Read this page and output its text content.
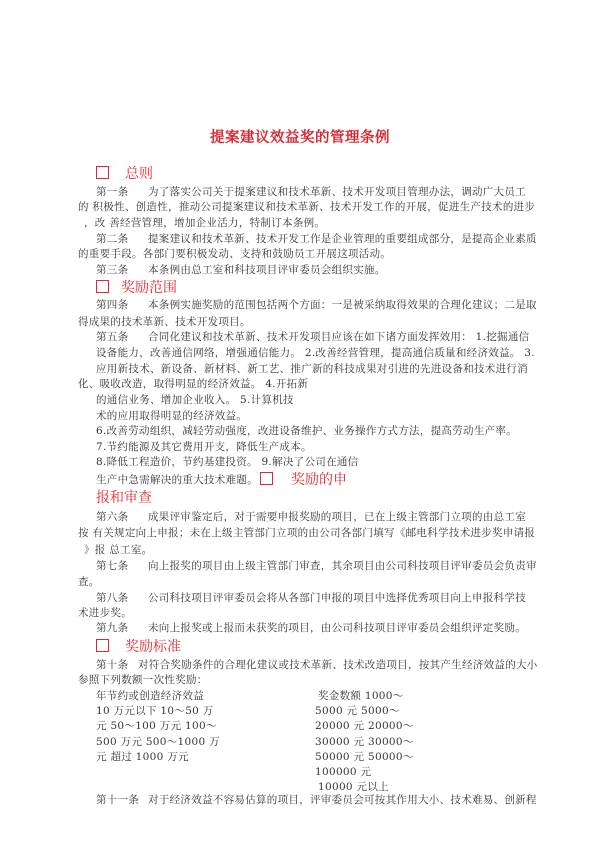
提案建议效益奖的管理条例
总则
第一条 为了落实公司关于提案建议和技术革新、技术开发项目管理办法，调动广大员工
的 积极性、创造性，推动公司提案建议和技术革新、技术开发工作的开展，促进生产技术的进步
，改 善经营管理，增加企业活力，特制订本条例。
第二条 提案建议和技术革新、技术开发工作是企业管理的重要组成部分，是提高企业素质
的重要手段。各部门要积极发动、支持和鼓励员工开展这项活动。
第三条 本条例由总工室和科技项目评审委员会组织实施。
奖励范围
第四条 本条例实施奖励的范围包括两个方面：一是被采纳取得效果的合理化建议；二是取
得成果的技术革新、技术开发项目。
第五条 合同化建议和技术革新、技术开发项目应该在如下诸方面发挥效用： 1.挖掘通信
设备能力，改善通信网络，增强通信能力。 2.改善经营管理，提高通信质量和经济效益。 3.
应用新技术、新设备、新材料、新工艺、推广新的科技成果对引进的先进设备和技术进行消
化、吸收改造，取得明显的经济效益。 4.开拓新
的通信业务、增加企业收入。 5.计算机技
术的应用取得明显的经济效益。
6.改善劳动组织，减轻劳动强度，改进设备维护、业务操作方式方法，提高劳动生产率。
7.节约能源及其它费用开支，降低生产成本。
8.降低工程造价，节约基建投资。 9.解决了公司在通信
生产中急需解决的重大技术难题。	奖励的申
报和审查
第六条 成果评审鉴定后，对于需要申报奖励的项目，已在上级主管部门立项的由总工室
按 有关规定向上申报；未在上级主管部门立项的由公司各部门填写《邮电科学技术进步奖申请报
》报 总工室。
第七条 向上报奖的项目由上级主管部门审查，其余项目由公司科技项目评审委员会负责审
查。
第八条 公司科技项目评审委员会将从各部门申报的项目中选择优秀项目向上申报科学技
术进步奖。
第九条 未向上报奖或上报而未获奖的项目，由公司科技项目评审委员会组织评定奖励。
奖励标准
第十条 对符合奖励条件的合理化建议或技术革新、技术改造项目，按其产生经济效益的大小
参照下列数额一次性奖励：
年节约或创造经济效益
10 万元以下 10～50 万
元 50～100 万元 100～
500 万元 500～1000 万
元 超过 1000 万元
奖金数额 1000～
5000 元 5000～
20000 元 20000～
30000 元 30000～
50000 元 50000～
100000 元
10000 元以上
第十一条 对于经济效益不容易估算的项目，评审委员会可按其作用大小、技术难易、创新程
